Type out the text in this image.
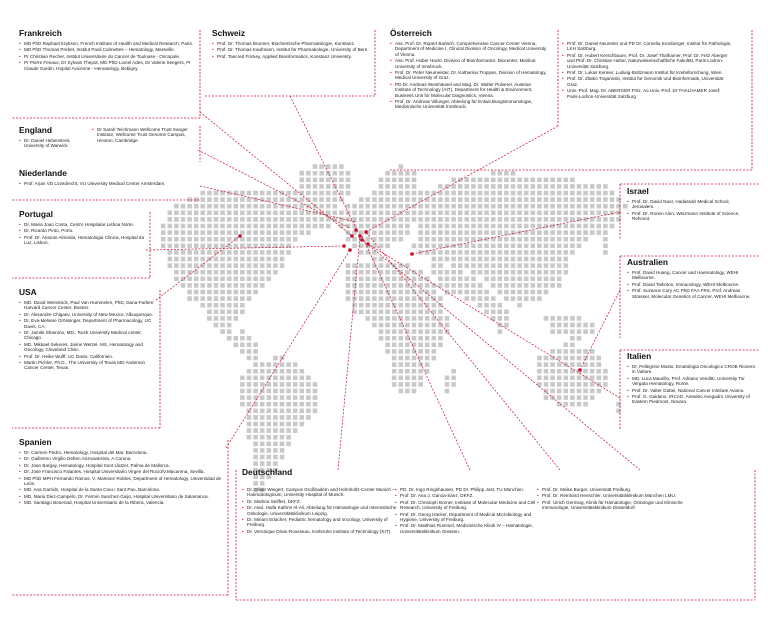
Frankreich
• MD PhD Raphael Itzykson, French Institute of Health and Medical Research, Paris.
• MD PhD Thomas Prebet, Institut Paoli Calmettes – Hematology, Marseille.
• Pr Christian Recher, Institut Universitaire du Cancer de Toulouse - Oncopole.
• Pr Pierre Fenaux, Dr Sylvain Thepot, MD PhD Lionel Ades, Dr Valerie Seegers, Pr Claude Gardin, Hopital Avicenne - Hematology, Bobigny.
Schweiz
• Prof. Dr. Thomas Brunner, Biochemische Pharmakologie, Konstanz.
• Prof. Dr. Thomas Kaufmann, Institut für Pharmakologie, University of Bern.
• Prof. Tancred Frickey, Applied Bioinformatics, Konstanz University.
Österreich
• Ass. Prof. Dr. Rupert Bartsch, Comprehensive Cancer Center Vienna, Department of Medicine I, Clinical Division of Oncology, Medical University of Vienna.
• Ass. Prof. Huber Hackl, Division of Bioinformatics, Biocenter, Medical University of Innsbruck.
• Prof. Dr. Peter Neumeister, Dr. Katharina Troppan, Division of Hematology, Medical University of Graz.
• PD Dr. Andreas Weinhäusel and Mag. Dr. Walter Pulverer, Austrian Institute of Technology (AIT), Department for Health & Environment, Business Unit for Molecular Diagnostics, Vienna.
• Prof. Dr. Andreas Villunger, Abteilung für Entwicklungsimmunologie, Medizinische Universität Innsbruck.
• Prof. Dr. Daniel Neureiter und PD Dr. Cornelia Kronberger, Institut für Pathologie, LKH Salzburg.
• Prof. Dr. Hubert Kerschbaum, Prof. Dr. Josef Thalhamer, Prof. Dr. Fritz Aberger und Prof. Dr. Christian Huber, Naturwissenschaftliche Fakultät, Paris-Lodron-Universität Salzburg.
• Prof. Dr. Lukas Kenner, Ludwig-Boltzmann Institut für Krebsforschung, Wien.
• Prof. Dr. Zlatko Trajanoski, Institut für Genomik und Bioinformatik, Universität Graz.
• Univ.-Prof. Mag. Dr. ABERGER Fritz, Ao.Univ.-Prof. Dr THALHAMER Josef; Paris-Lodron-Universität Salzburg.
England
• Dr. Daniel Hebenstreit, University of Warwick
• Dr Sarah Teichmann Wellcome Trust Sanger Institute, Wellcome Trust Genome Campus, Hinxton, Cambridge.
Niederlande
• Prof. Arjan VD Lozedrecht, VU University Medical Center Amsterdam.
Portugal
• Dr. Maria Joao Costa, Centro Hospitalar Lisboa Norte.
• Dr. Ricardo Pinto, Porto.
• Prof. Dr. Antonio Almeida, Hematologia Clinica, Hospital da Luz, Lisbon.
USA
• MD. David Weinstock, Paul Van Hummelen, PhD, Dana-Farber/ Harvard Cancer Center, Boston.
• Dr. Alexandre Chigaev, University of New Mexico, Albuquerque.
• Dr. Eva-Melanie Grössinger, Department of Pharmacology, UC Davis, CA.
• Dr. Jamile Shammo, MD., Rush University Medical center, Chicago.
• MD. Mikkael Sekeres, Jaime Wetzel, MS, Hematology and Oncology, Cleveland Clinic.
• Prof. Dr. Heike Wulff, UC Davis, Californien.
• Martin Pichler, Ph.D., The University of Texas MD Anderson Cancer Center, Texas.
Israel
• Prof. Dr. David Naor, Hadassah Medical School, Jerusalem.
• Prof. Dr. Ronen Alon, Weizmann Institute of Science, Rehovot.
Australien
• Prof. David Huang, Cancer and Haematology, WEHI Melbourne.
• Prof. David Tarlinton, Immunology, WEHI Melbourne.
• Prof. Suzanne Cory AC PhD FAA FRS, Prof. Andreas Strasser, Molecular Genetics of Cancer, WEHI Melbourne.
Italien
• Dr. Pellegrino Musto, Ematologia Oncologico CROB Rionero in Vulture.
• MD. Luca Maurillo, Prof. Adriano Venditti, University Tor Vergata Hematology, Rome.
• Prof. Dr. Valter Gattei, National Cancer Institute Aviano.
• Prof. G. Gaidano, IRCAD, Amedeo Avogadro University of Eastern Piedmont, Novara.
Spanien
• Dr. Carmen Pedro, Hematology, Hospital del Mar, Barcelona.
• Dr. Guillermo Virgilio Deben Ariznavarreta, A Coruna.
• Dr. Joan Bargay, Hematology, Hospital Sont Llatzer, Palma de Mallorca.
• Dr. Jose Francisco Falantes, Hospital Universitario Virgen del Rocio/V.Macarena, Sevilla.
• MD PhD MPH Fernando Ramos, V. Martinez-Robles, Department of Hematology, Universidad de León.
• MD. Ana Garrido, Hospital de la Santa Creu i Sant Pau, Barcelona.
• MD. Maria Diez-Campelo, Dr. Fermin Sanchez-Guijo, Hospital Universitario de Salamanca.
• MD. Santiago Bonenad, Hospital Universitario de la Ribera, Valencia.
Deutschland
• Dr. Oliver Weigert, Campus Großhadern and Helmholtz-Center Munich – Haematologicum, University Hospital of Munich.
• Dr. Martina Seiffert, DKFZ.
• Dr. med. Haifa Kathrin Al-Ali, Abteilung für Hämatologie und Internistische Onkologie, Universitätsklinikum Leipzig.
• Dr. Miriam Erlacher, Pediatric hematology and oncology, University of Freiburg.
• Dr. Veronique Orian-Rousseau, Karlsruhe Institute of Technology (KIT).
• PD. Dr. Ingo Ringshausen, PD Dr. Philipp Jost, TU München.
• Prof. Dr. Ana J. Garcia-Sáez, DKFZ.
• Prof. Dr. Christoph Borner, Institute of Molecular Medicine and Cell Research, University of Freiburg.
• Prof. Dr. Georg Häcker, Department of Medical Microbiology and Hygiene, University of Freiburg.
• Prof. Dr. Matthias Rummel, Medizinische Klinik IV – Hämatologie, Universitätsklinikum Giessen.
• Prof. Dr. Meike Burger, Universität Freiburg.
• Prof. Dr. Reinhard Henschler, Universitätsklinikum München LMU.
• Prof. Ulrich Germing, Klinik für Hämatologie, Onkologie und Klinische Immunologie, Universitätsklinikum Düsseldorf.
